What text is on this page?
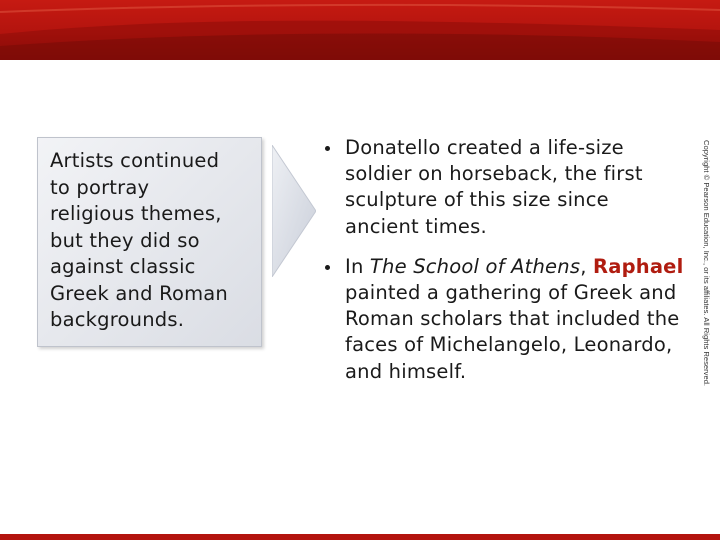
Artists continued
to portray
religious themes,
but they did so
against classic
Greek and Roman
backgrounds.

Donatello created a life-size soldier on horseback, the first sculpture of this size since ancient times.
In The School of Athens, Raphael painted a gathering of Greek and Roman scholars that included the faces of Michelangelo, Leonardo, and himself.	Copyright © Pearson Education, Inc., or its affiliates. All Rights Reserved.
